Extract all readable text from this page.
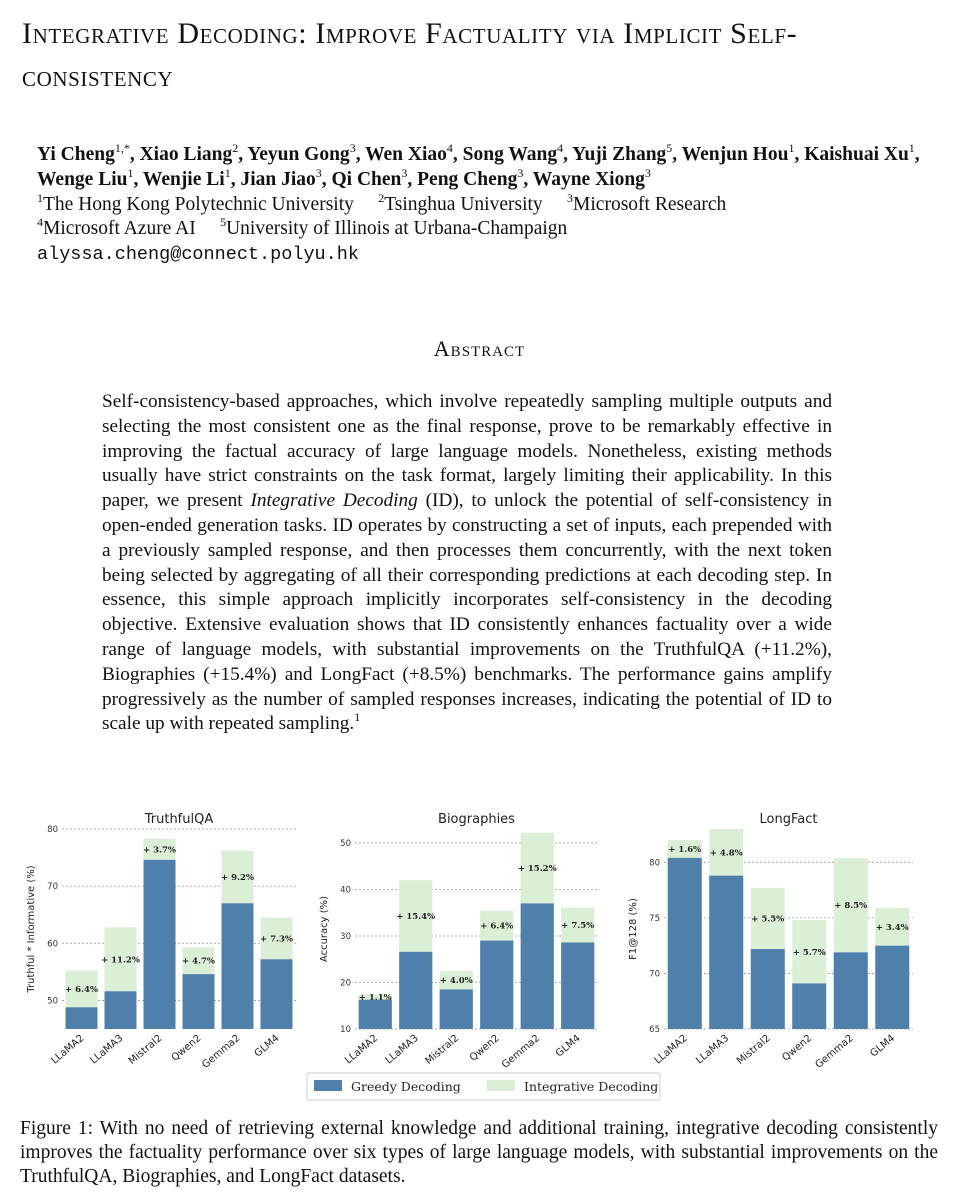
Integrative Decoding: Improve Factuality via Implicit Self-consistency
Yi Cheng$^{1,*}$, Xiao Liang$^2$, Yeyun Gong$^3$, Wen Xiao$^4$, Song Wang$^4$, Yuji Zhang$^5$, Wenjun Hou$^1$, Kaishuai Xu$^1$, Wenge Liu$^1$, Wenjie Li$^1$, Jian Jiao$^3$, Qi Chen$^3$, Peng Cheng$^3$, Wayne Xiong$^3$
$^1$The Hong Kong Polytechnic University  $^2$Tsinghua University  $^3$Microsoft Research
$^4$Microsoft Azure AI  $^5$University of Illinois at Urbana-Champaign
alyssa.cheng@connect.polyu.hk
Abstract
Self-consistency-based approaches, which involve repeatedly sampling multiple outputs and selecting the most consistent one as the final response, prove to be remarkably effective in improving the factual accuracy of large language models. Nonetheless, existing methods usually have strict constraints on the task format, largely limiting their applicability. In this paper, we present Integrative Decoding (ID), to unlock the potential of self-consistency in open-ended generation tasks. ID operates by constructing a set of inputs, each prepended with a previously sampled response, and then processes them concurrently, with the next token being selected by aggregating of all their corresponding predictions at each decoding step. In essence, this simple approach implicitly incorporates self-consistency in the decoding objective. Extensive evaluation shows that ID consistently enhances factuality over a wide range of language models, with substantial improvements on the TruthfulQA (+11.2%), Biographies (+15.4%) and LongFact (+8.5%) benchmarks. The performance gains amplify progressively as the number of sampled responses increases, indicating the potential of ID to scale up with repeated sampling.$^1$
50
60
70
80
TruthfulQA
Truthful * Informative (%)	+ 6.4%
LLaMA2
+ 11.2%
LLaMA3
+ 3.7%
Mistral2
+ 4.7%
Qwen2
+ 9.2%
Gemma2
+ 7.3%
GLM4
10
20
30
40
50
Biographies
Accuracy (%)
+ 1.1%
LLaMA2
+ 15.4%
LLaMA3
+ 4.0%
Mistral2
+ 6.4%
Qwen2
+ 15.2%
Gemma2
+ 7.5%
GLM4
65
70
75
80
LongFact
F1@128 (%)
+ 1.6%
LLaMA2
+ 4.8%
LLaMA3
+ 5.5%
Mistral2
+ 5.7%
Qwen2
+ 8.5%
Gemma2
+ 3.4%
GLM4
Greedy Decoding	Integrative Decoding
Figure 1: With no need of retrieving external knowledge and additional training, integrative decoding consistently improves the factuality performance over six types of large language models, with substantial improvements on the TruthfulQA, Biographies, and LongFact datasets.
